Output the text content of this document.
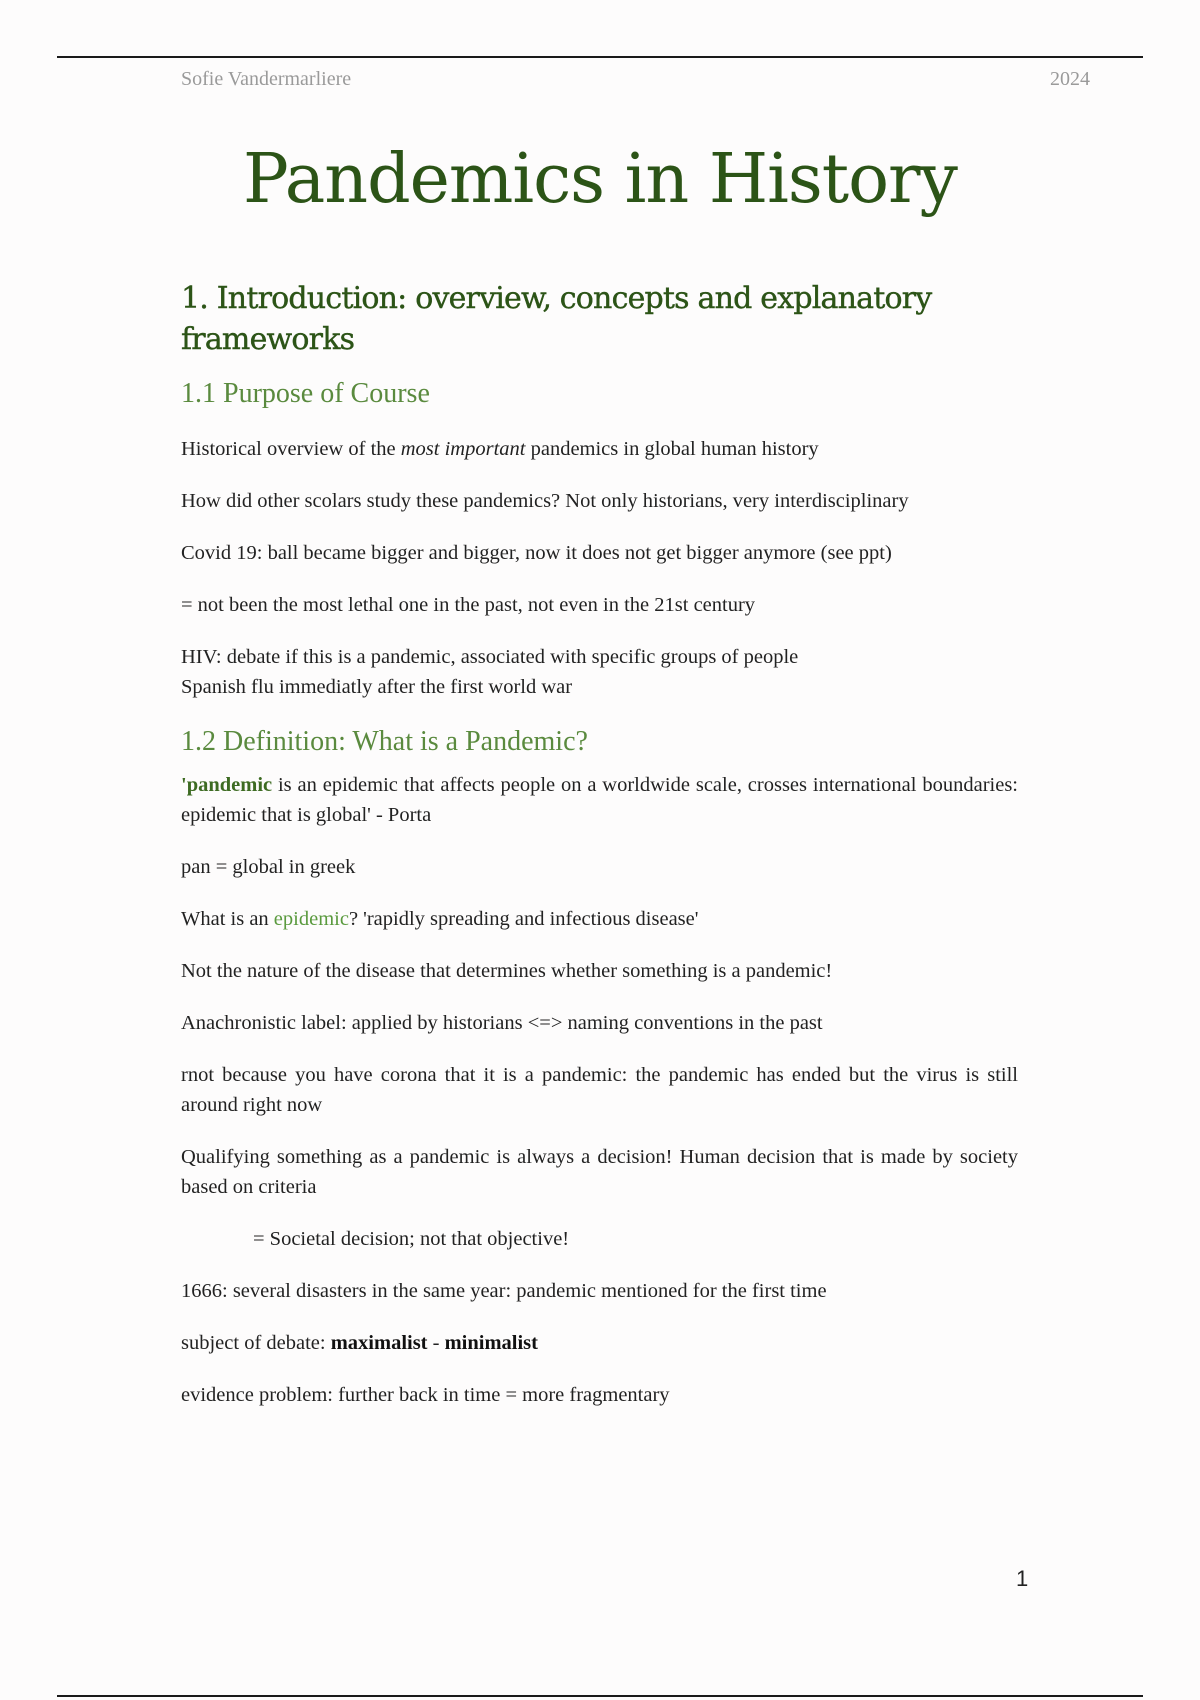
Sofie Vandermarliere	2024
Pandemics in History
1. Introduction: overview, concepts and explanatory frameworks
1.1 Purpose of Course

Historical overview of the most important pandemics in global human history

How did other scolars study these pandemics? Not only historians, very interdisciplinary

Covid 19: ball became bigger and bigger, now it does not get bigger anymore (see ppt)

= not been the most lethal one in the past, not even in the 21st century

HIV: debate if this is a pandemic, associated with specific groups of people

Spanish flu immediatly after the first world war

1.2 Definition: What is a Pandemic?

'pandemic is an epidemic that affects people on a worldwide scale, crosses international boundaries: epidemic that is global' - Porta

pan = global in greek

What is an epidemic? 'rapidly spreading and infectious disease'

Not the nature of the disease that determines whether something is a pandemic!

Anachronistic label: applied by historians <=> naming conventions in the past

rnot because you have corona that it is a pandemic: the pandemic has ended but the virus is still around right now

Qualifying something as a pandemic is always a decision! Human decision that is made by society based on criteria

= Societal decision; not that objective!

1666: several disasters in the same year: pandemic mentioned for the first time

subject of debate: maximalist - minimalist

evidence problem: further back in time = more fragmentary

1
